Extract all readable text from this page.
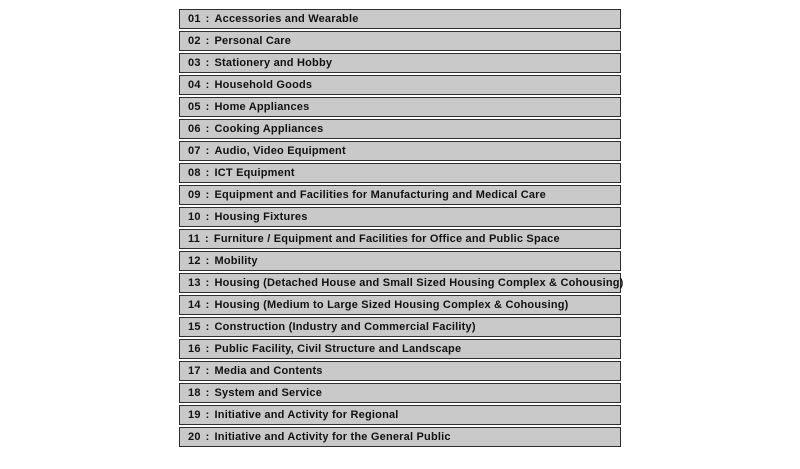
01 : Accessories and Wearable
02 : Personal Care
03 : Stationery and Hobby
04 : Household Goods
05 : Home Appliances
06 : Cooking Appliances
07 : Audio, Video Equipment
08 : ICT Equipment
09 : Equipment and Facilities for Manufacturing and Medical Care
10 : Housing Fixtures
11 : Furniture / Equipment and Facilities for Office and Public Space
12 : Mobility
13 : Housing (Detached House and Small Sized Housing Complex & Cohousing)
14 : Housing (Medium to Large Sized Housing Complex & Cohousing)
15 : Construction (Industry and Commercial Facility)
16 : Public Facility, Civil Structure and Landscape
17 : Media and Contents
18 : System and Service
19 : Initiative and Activity for Regional
20 : Initiative and Activity for the General Public
